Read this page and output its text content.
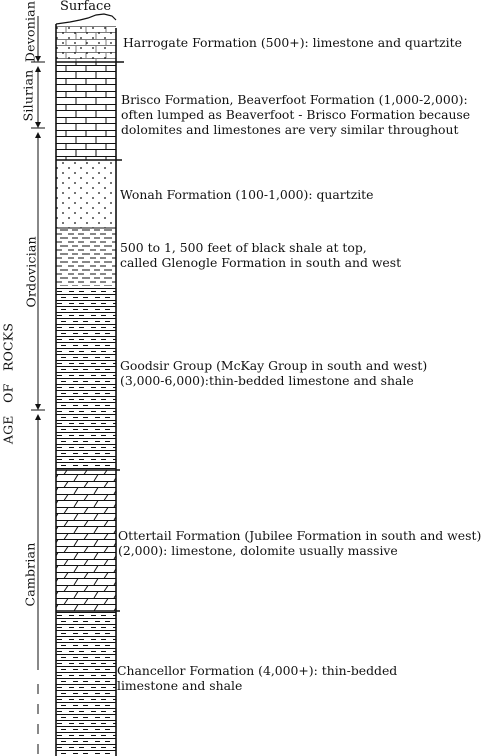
Surface
Devonian
Silurian
Ordovician
Cambrian
AGE   OF   ROCKS
Harrogate Formation (500+): limestone and quartzite
Brisco Formation, Beaverfoot Formation (1,000-2,000):
often lumped as Beaverfoot - Brisco Formation because
dolomites and limestones are very similar throughout
Wonah Formation (100-1,000): quartzite
500 to 1, 500 feet of black shale at top,
called Glenogle Formation in south and west
Goodsir Group (McKay Group in south and west)
(3,000-6,000):thin-bedded limestone and shale
Ottertail Formation (Jubilee Formation in south and west)
(2,000): limestone, dolomite usually massive
Chancellor Formation (4,000+): thin-bedded
limestone and shale
